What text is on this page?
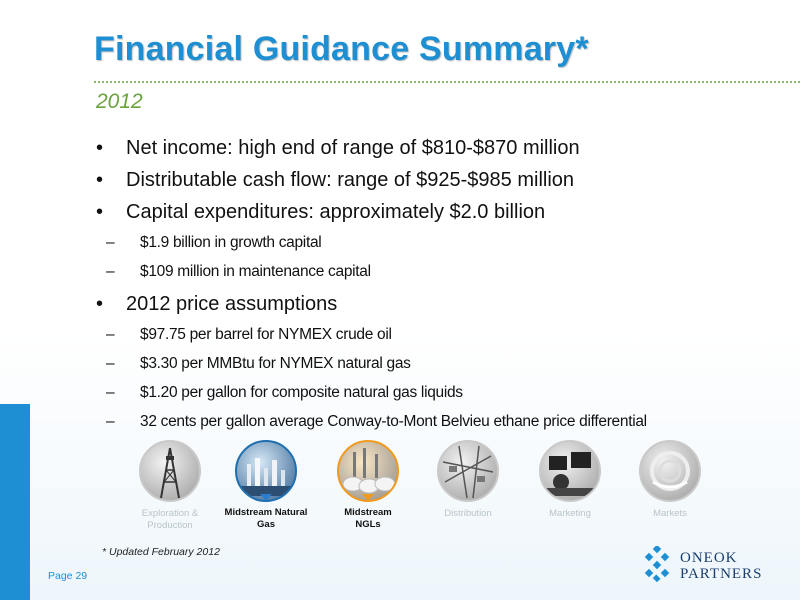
Financial Guidance Summary*
2012
• Net income: high end of range of $810-$870 million
• Distributable cash flow: range of $925-$985 million
• Capital expenditures: approximately $2.0 billion
– $1.9 billion in growth capital
– $109 million in maintenance capital
• 2012 price assumptions
– $97.75 per barrel for NYMEX crude oil
– $3.30 per MMBtu for NYMEX natural gas
– $1.20 per gallon for composite natural gas liquids
– 32 cents per gallon average Conway-to-Mont Belvieu ethane price differential
Exploration &
Production
Midstream Natural
Gas
Midstream
NGLs
Distribution	Marketing	Markets
* Updated February 2012
Page 29
ONEOK
PARTNERS
